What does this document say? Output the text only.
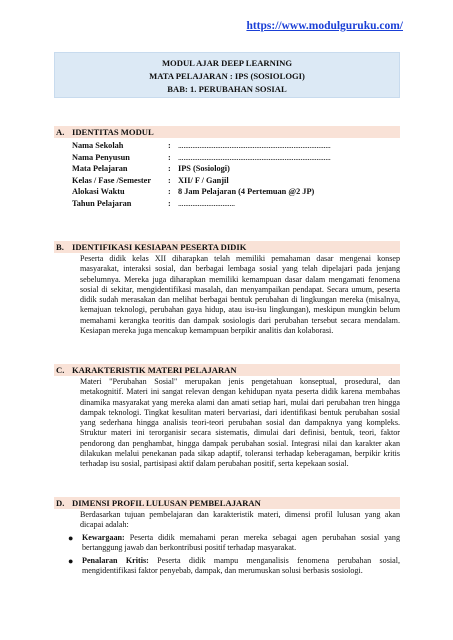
https://www.modulguruku.com/
MODUL AJAR DEEP LEARNING
MATA PELAJARAN : IPS (SOSIOLOGI)
BAB: 1. PERUBAHAN SOSIAL
A. IDENTITAS MODUL
Nama Sekolah	: ......................................................................................
Nama Penyusun	: ......................................................................................
Mata Pelajaran	: IPS (Sosiologi)
Kelas / Fase /Semester : XII/ F / Ganjil
Alokasi Waktu	: 8 Jam Pelajaran (4 Pertemuan @2 JP)
Tahun Pelajaran	: ................................
B. IDENTIFIKASI KESIAPAN PESERTA DIDIK
Peserta didik kelas XII diharapkan telah memiliki pemahaman dasar mengenai konsep masyarakat, interaksi sosial, dan berbagai lembaga sosial yang telah dipelajari pada jenjang sebelumnya. Mereka juga diharapkan memiliki kemampuan dasar dalam mengamati fenomena sosial di sekitar, mengidentifikasi masalah, dan menyampaikan pendapat. Secara umum, peserta didik sudah merasakan dan melihat berbagai bentuk perubahan di lingkungan mereka (misalnya, kemajuan teknologi, perubahan gaya hidup, atau isu-isu lingkungan), meskipun mungkin belum memahami kerangka teoritis dan dampak sosiologis dari perubahan tersebut secara mendalam. Kesiapan mereka juga mencakup kemampuan berpikir analitis dan kolaborasi.
C. KARAKTERISTIK MATERI PELAJARAN
Materi "Perubahan Sosial" merupakan jenis pengetahuan konseptual, prosedural, dan metakognitif. Materi ini sangat relevan dengan kehidupan nyata peserta didik karena membahas dinamika masyarakat yang mereka alami dan amati setiap hari, mulai dari perubahan tren hingga dampak teknologi. Tingkat kesulitan materi bervariasi, dari identifikasi bentuk perubahan sosial yang sederhana hingga analisis teori-teori perubahan sosial dan dampaknya yang kompleks. Struktur materi ini terorganisir secara sistematis, dimulai dari definisi, bentuk, teori, faktor pendorong dan penghambat, hingga dampak perubahan sosial. Integrasi nilai dan karakter akan dilakukan melalui penekanan pada sikap adaptif, toleransi terhadap keberagaman, berpikir kritis terhadap isu sosial, partisipasi aktif dalam perubahan positif, serta kepekaan sosial.
D. DIMENSI PROFIL LULUSAN PEMBELAJARAN
Berdasarkan tujuan pembelajaran dan karakteristik materi, dimensi profil lulusan yang akan dicapai adalah:
● Kewargaan: Peserta didik memahami peran mereka sebagai agen perubahan sosial yang bertanggung jawab dan berkontribusi positif terhadap masyarakat.
● Penalaran Kritis: Peserta didik mampu menganalisis fenomena perubahan sosial, mengidentifikasi faktor penyebab, dampak, dan merumuskan solusi berbasis sosiologi.
